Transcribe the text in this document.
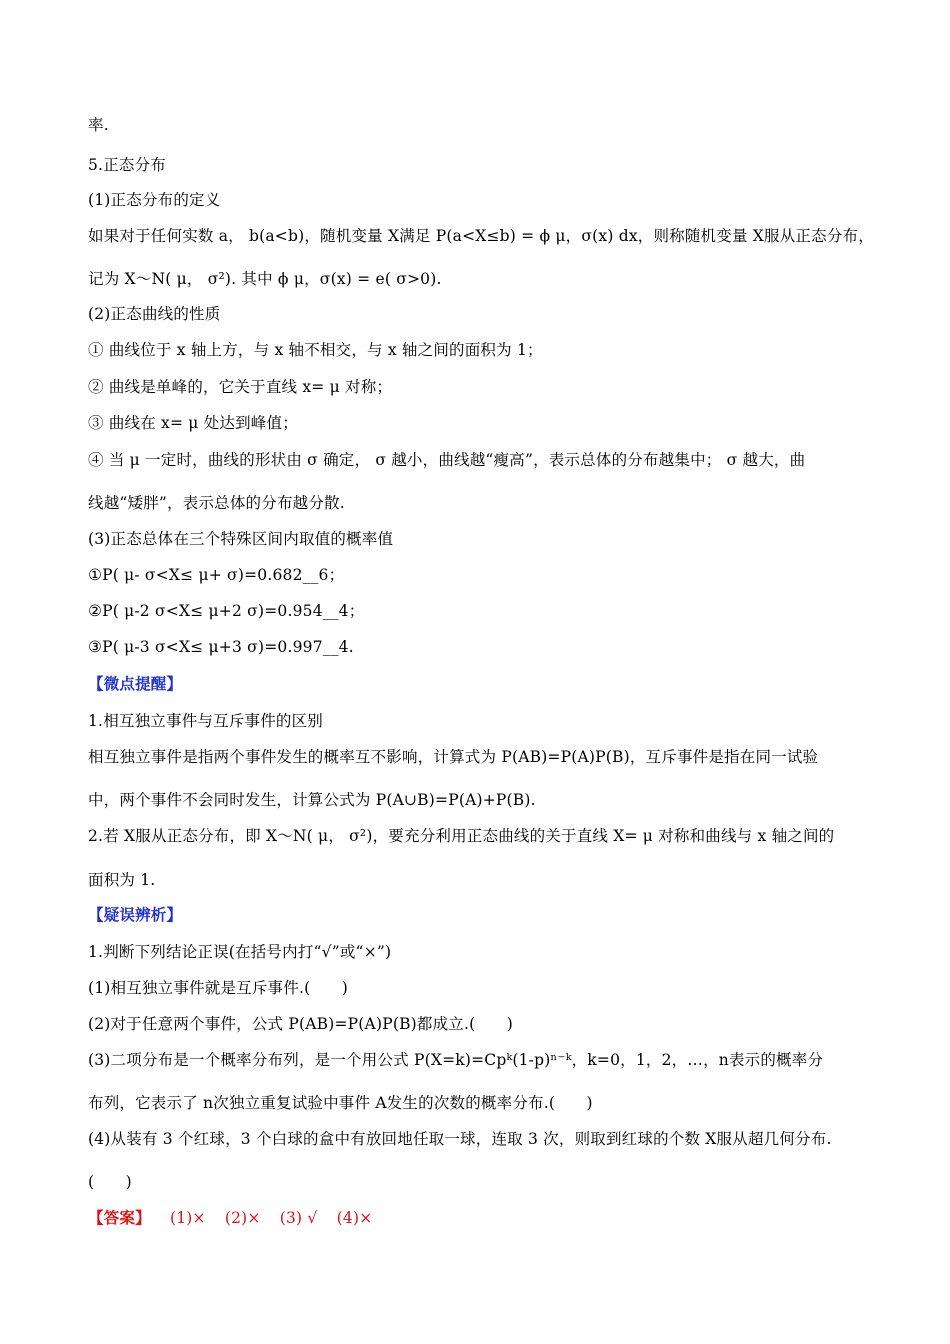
率.
5.正态分布
(1)正态分布的定义
如果对于任何实数 a， b(a<b)，随机变量 X满足 P(a<X≤b) = ϕ μ，σ(x) dx，则称随机变量 X服从正态分布，
记为 X～N( μ， σ²). 其中 ϕ μ，σ(x) = e( σ>0).
(2)正态曲线的性质
① 曲线位于 x 轴上方，与 x 轴不相交，与 x 轴之间的面积为 1；
② 曲线是单峰的，它关于直线 x= μ 对称；
③ 曲线在 x= μ 处达到峰值；
④ 当 μ 一定时，曲线的形状由 σ 确定， σ 越小，曲线越“瘦高”，表示总体的分布越集中； σ 越大，曲
线越“矮胖”，表示总体的分布越分散.
(3)正态总体在三个特殊区间内取值的概率值
①P( μ- σ<X≤ μ+ σ)=0.682__6；
②P( μ-2 σ<X≤ μ+2 σ)=0.954__4；
③P( μ-3 σ<X≤ μ+3 σ)=0.997__4.
【微点提醒】
1.相互独立事件与互斥事件的区别
相互独立事件是指两个事件发生的概率互不影响，计算式为 P(AB)=P(A)P(B)，互斥事件是指在同一试验
中，两个事件不会同时发生，计算公式为 P(A∪B)=P(A)+P(B).
2.若 X服从正态分布，即 X～N( μ， σ²)，要充分利用正态曲线的关于直线 X= μ 对称和曲线与 x 轴之间的
面积为 1.
【疑误辨析】
1.判断下列结论正误(在括号内打“√”或“×”)
(1)相互独立事件就是互斥事件.(　　)
(2)对于任意两个事件，公式 P(AB)=P(A)P(B)都成立.(　　)
(3)二项分布是一个概率分布列，是一个用公式 P(X=k)=Cpᵏ(1-p)ⁿ⁻ᵏ，k=0，1，2，…，n表示的概率分
布列，它表示了 n次独立重复试验中事件 A发生的次数的概率分布.(　　)
(4)从装有 3 个红球，3 个白球的盒中有放回地任取一球，连取 3 次，则取到红球的个数 X服从超几何分布.
(　　)
【答案】 (1)× (2)× (3) √ (4)×
